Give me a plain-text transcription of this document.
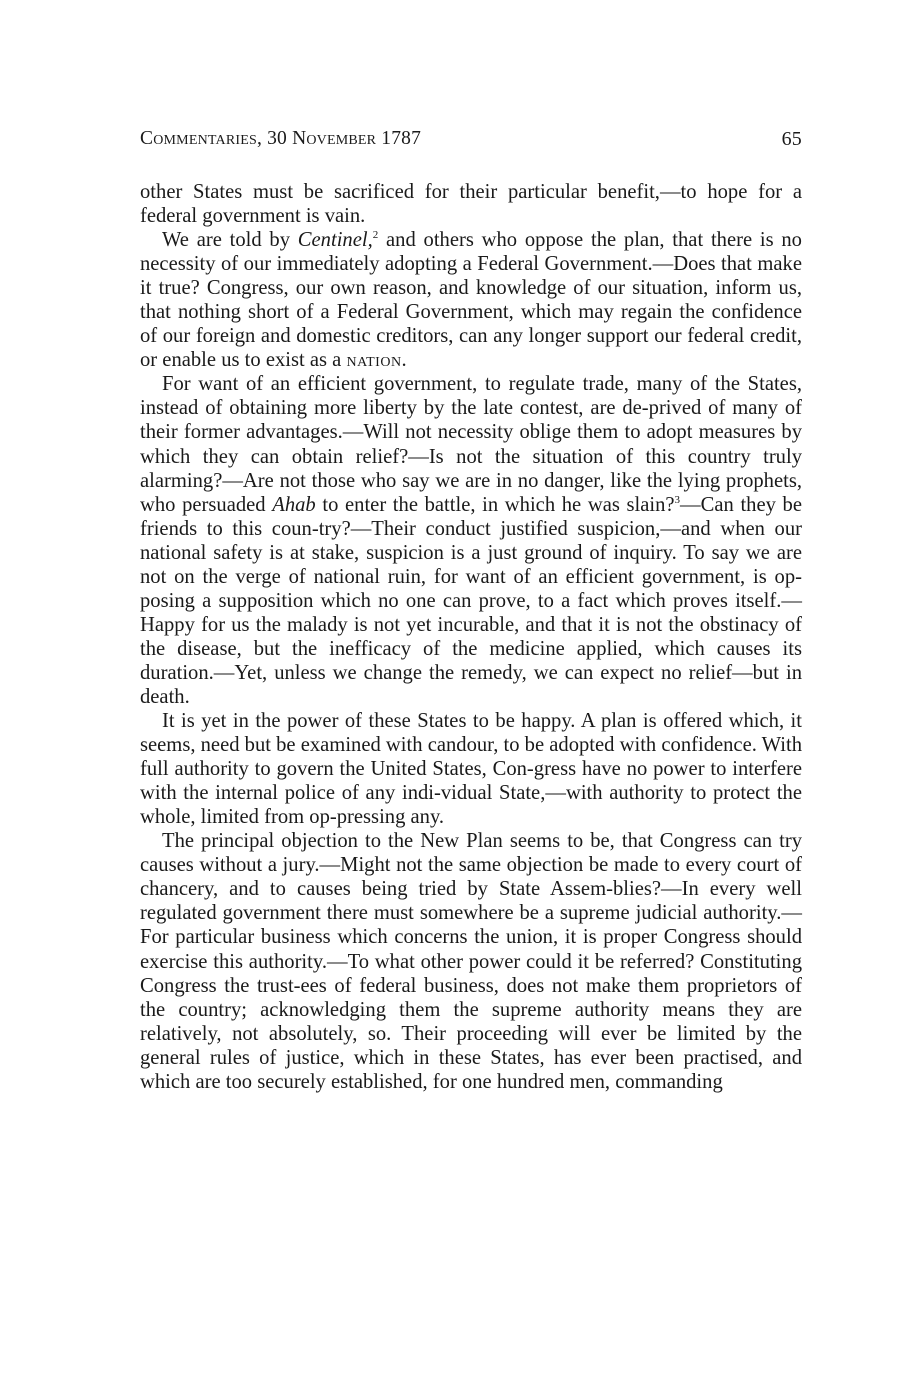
Commentaries, 30 November 1787	65

other States must be sacrificed for their particular benefit,—to hope for a federal government is vain.

We are told by Centinel,$^2$ and others who oppose the plan, that there is no necessity of our immediately adopting a Federal Government.—Does that make it true? Congress, our own reason, and knowledge of our situation, inform us, that nothing short of a Federal Government, which may regain the confidence of our foreign and domestic creditors, can any longer support our federal credit, or enable us to exist as a nation.

For want of an efficient government, to regulate trade, many of the States, instead of obtaining more liberty by the late contest, are de-prived of many of their former advantages.—Will not necessity oblige them to adopt measures by which they can obtain relief?—Is not the situation of this country truly alarming?—Are not those who say we are in no danger, like the lying prophets, who persuaded Ahab to enter the battle, in which he was slain?$^3$—Can they be friends to this coun-try?—Their conduct justified suspicion,—and when our national safety is at stake, suspicion is a just ground of inquiry. To say we are not on the verge of national ruin, for want of an efficient government, is op-posing a supposition which no one can prove, to a fact which proves itself.—Happy for us the malady is not yet incurable, and that it is not the obstinacy of the disease, but the inefficacy of the medicine applied, which causes its duration.—Yet, unless we change the remedy, we can expect no relief—but in death.

It is yet in the power of these States to be happy. A plan is offered which, it seems, need but be examined with candour, to be adopted with confidence. With full authority to govern the United States, Con-gress have no power to interfere with the internal police of any indi-vidual State,—with authority to protect the whole, limited from op-pressing any.

The principal objection to the New Plan seems to be, that Congress can try causes without a jury.—Might not the same objection be made to every court of chancery, and to causes being tried by State Assem-blies?—In every well regulated government there must somewhere be a supreme judicial authority.—For particular business which concerns the union, it is proper Congress should exercise this authority.—To what other power could it be referred? Constituting Congress the trust-ees of federal business, does not make them proprietors of the country; acknowledging them the supreme authority means they are relatively, not absolutely, so. Their proceeding will ever be limited by the general rules of justice, which in these States, has ever been practised, and which are too securely established, for one hundred men, commanding
